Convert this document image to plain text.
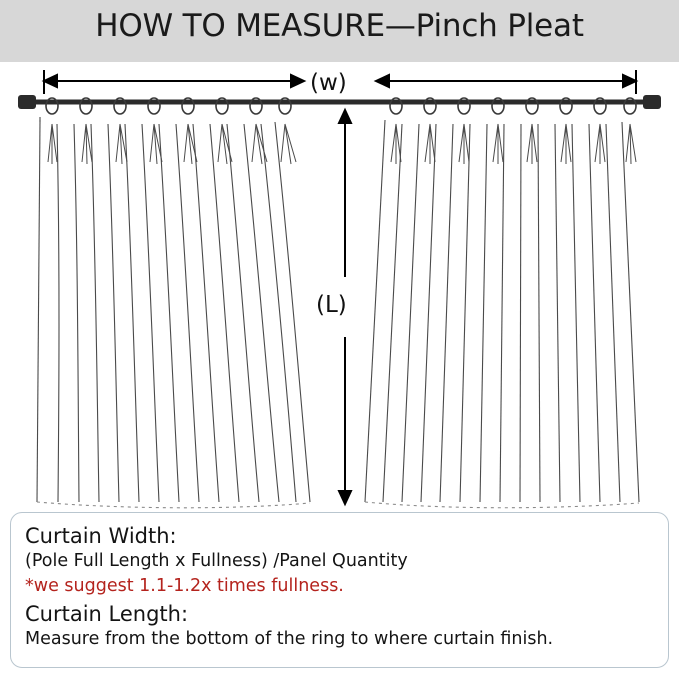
HOW TO MEASURE—Pinch Pleat
(w)
(L)

Curtain Width:

(Pole Full Length x Fullness) /Panel Quantity

*we suggest 1.1-1.2x times fullness.

Curtain Length:

Measure from the bottom of the ring to where curtain finish.
